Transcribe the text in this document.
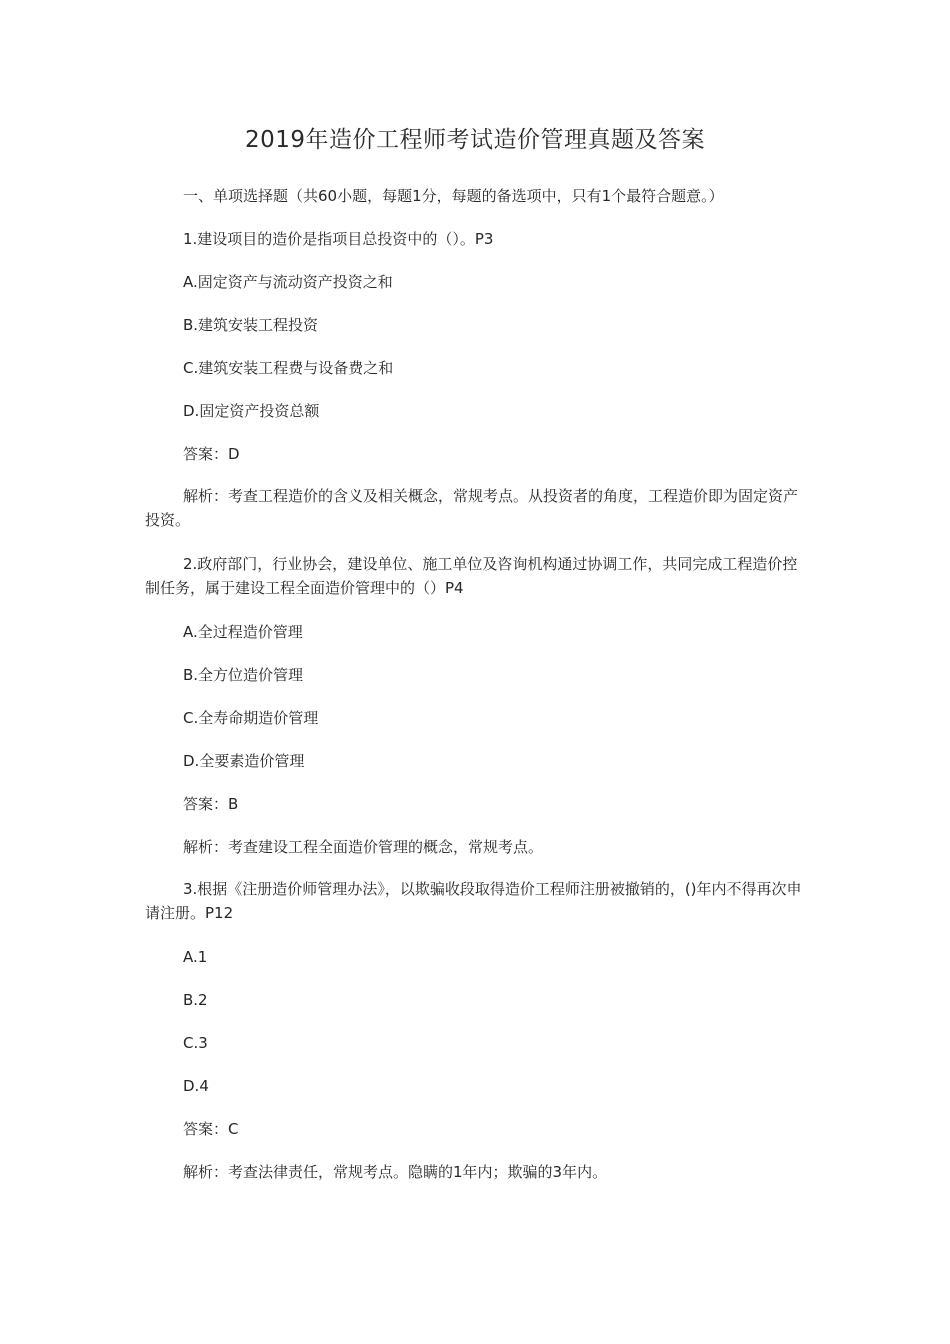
2019年造价工程师考试造价管理真题及答案
一、单项选择题（共60小题，每题1分，每题的备选项中，只有1个最符合题意。）
1.建设项目的造价是指项目总投资中的（）。P3
A.固定资产与流动资产投资之和
B.建筑安装工程投资
C.建筑安装工程费与设备费之和
D.固定资产投资总额
答案：D
解析：考查工程造价的含义及相关概念，常规考点。从投资者的角度，工程造价即为固定资产投资。
2.政府部门，行业协会，建设单位、施工单位及咨询机构通过协调工作，共同完成工程造价控制任务，属于建设工程全面造价管理中的（）P4
A.全过程造价管理
B.全方位造价管理
C.全寿命期造价管理
D.全要素造价管理
答案：B
解析：考查建设工程全面造价管理的概念，常规考点。
3.根据《注册造价师管理办法》，以欺骗收段取得造价工程师注册被撤销的，()年内不得再次申请注册。P12
A.1
B.2
C.3
D.4
答案：C
解析：考查法律责任，常规考点。隐瞒的1年内；欺骗的3年内。
